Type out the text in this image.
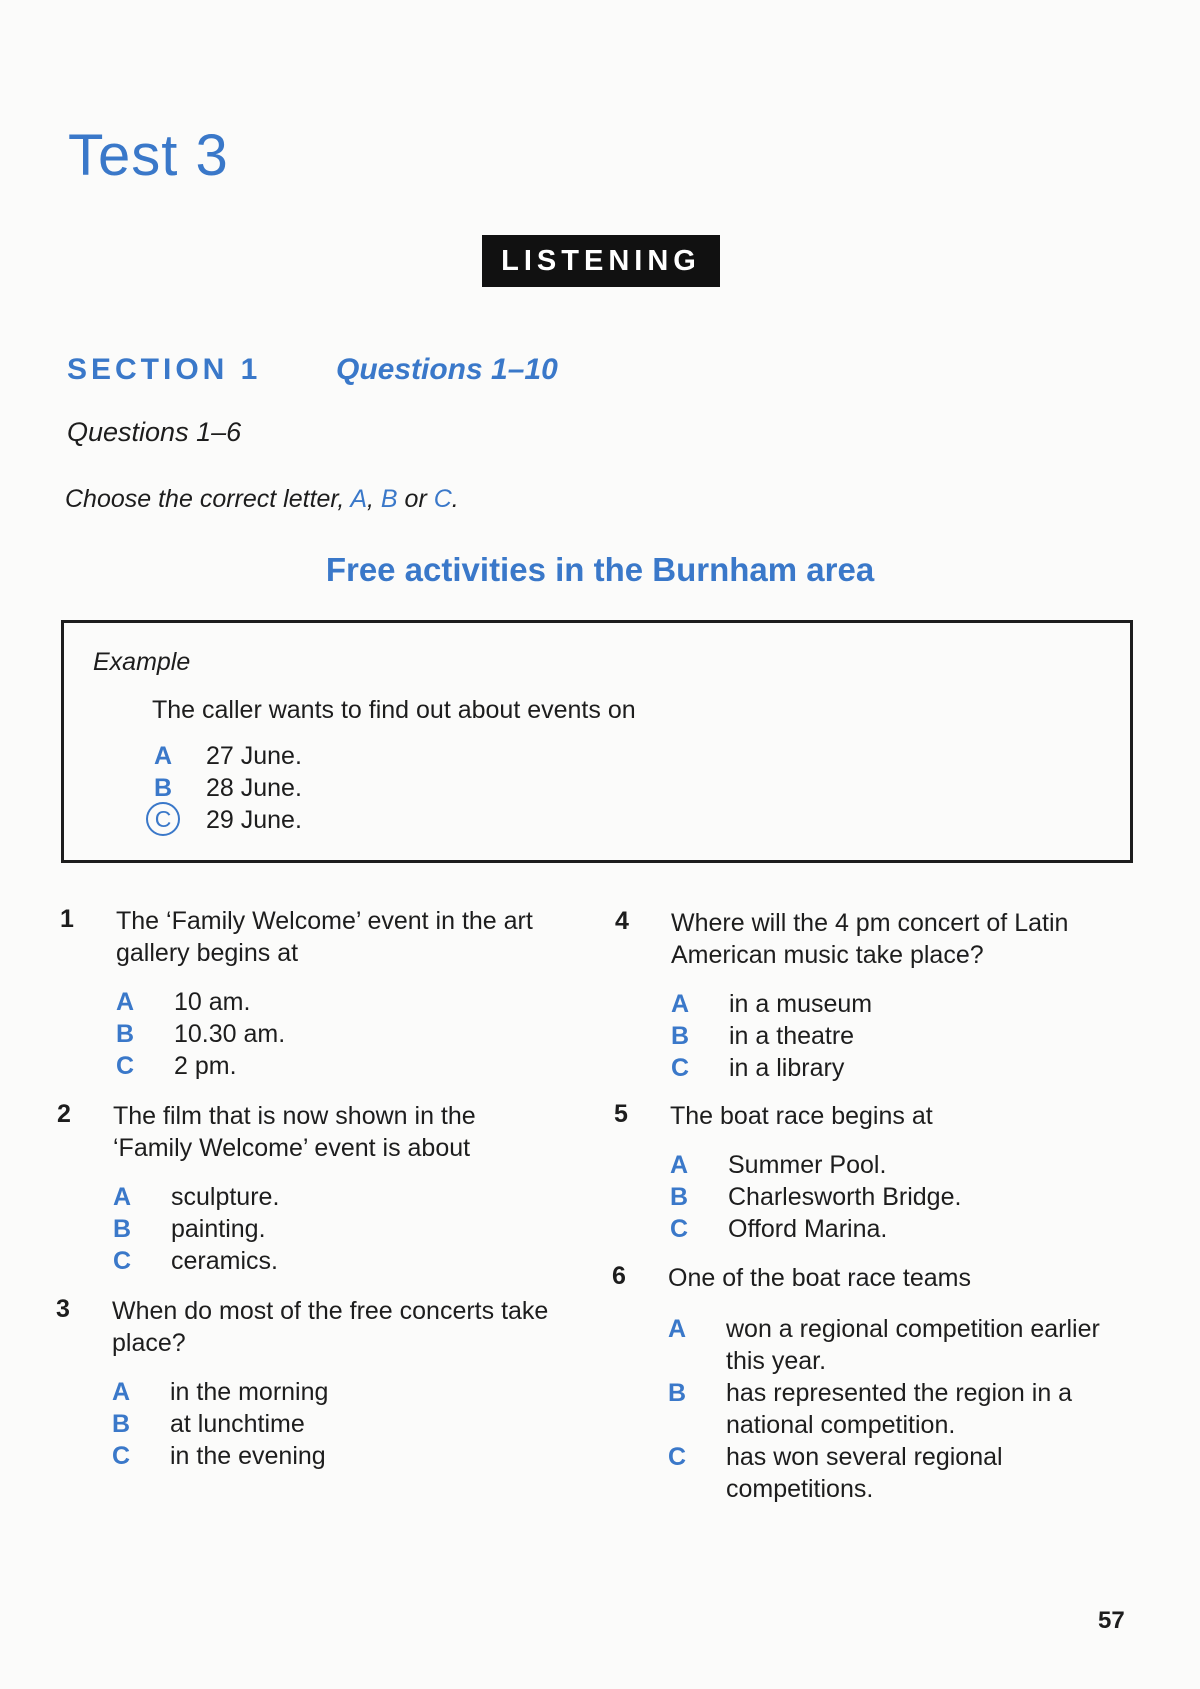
Test 3
LISTENING
SECTION 1 Questions 1–10
Questions 1–6
Choose the correct letter, A, B or C.
Free activities in the Burnham area
Example
The caller wants to find out about events on
A 27 June.
B 28 June.
C	29 June.
1 The ‘Family Welcome’ event in the art gallery begins at
A 10 am.
B 10.30 am.
C 2 pm.
2 The film that is now shown in the ‘Family Welcome’ event is about
A sculpture.
B painting.
C ceramics.
3 When do most of the free concerts take place?
A in the morning
B at lunchtime
C in the evening
4 Where will the 4 pm concert of Latin American music take place?
A in a museum
B in a theatre
C in a library
5 The boat race begins at
A Summer Pool.
B Charlesworth Bridge.
C Offord Marina.
6 One of the boat race teams
A won a regional competition earlier this year.
B has represented the region in a national competition.
C has won several regional competitions.
57
